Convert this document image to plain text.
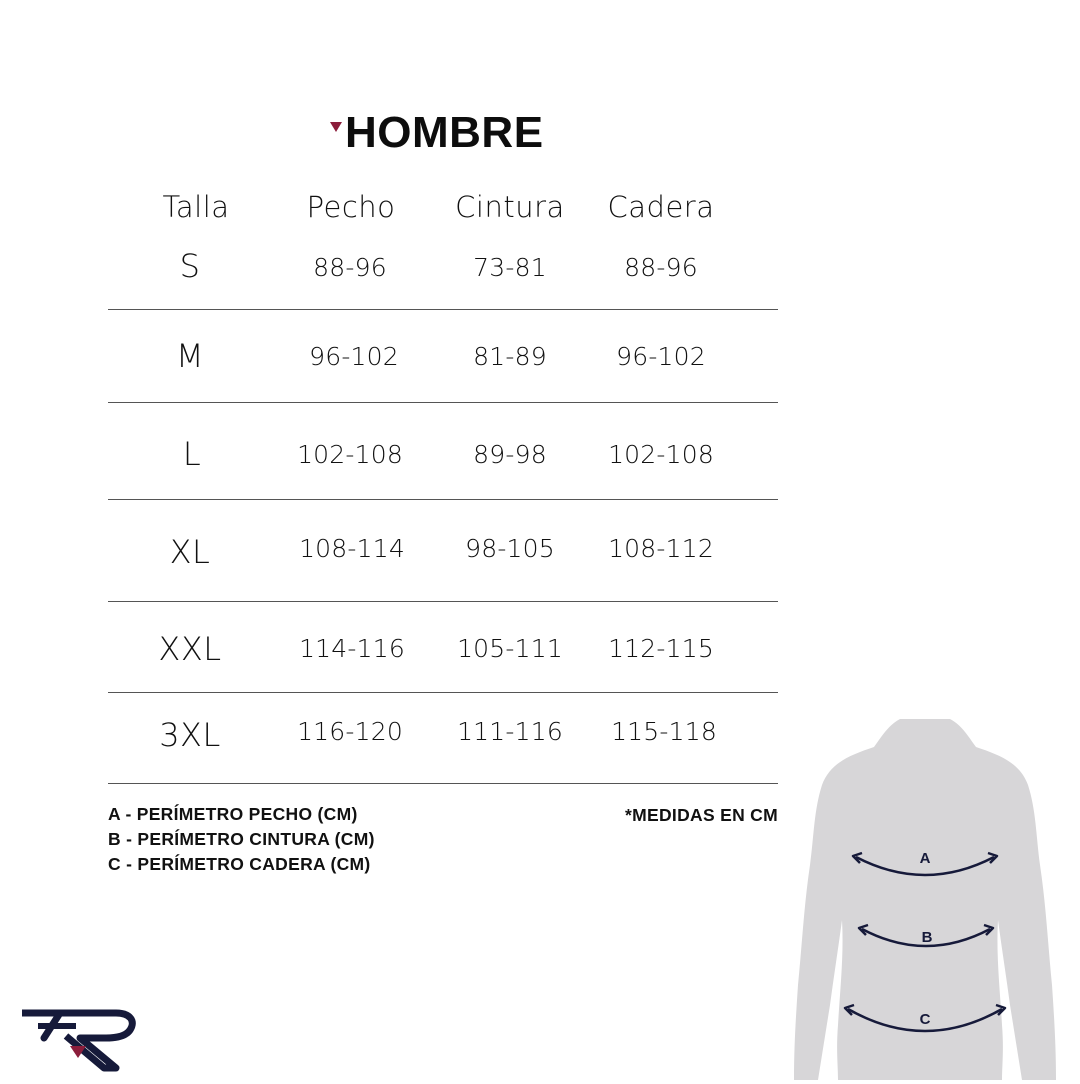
HOMBRE
Talla	Pecho Cintura Cadera
S	88-96	73-81	88-96
M	96-102	81-89	96-102
L	102-108	89-98 102-108
XL	108-114 98-105 108-112
XXL	114-116 105-111 112-115
3XL	116-120 111-116 115-118
A - PERÍMETRO PECHO (CM)
B - PERÍMETRO CINTURA (CM)
C - PERÍMETRO CADERA (CM)
*MEDIDAS EN CM
A
B
C
